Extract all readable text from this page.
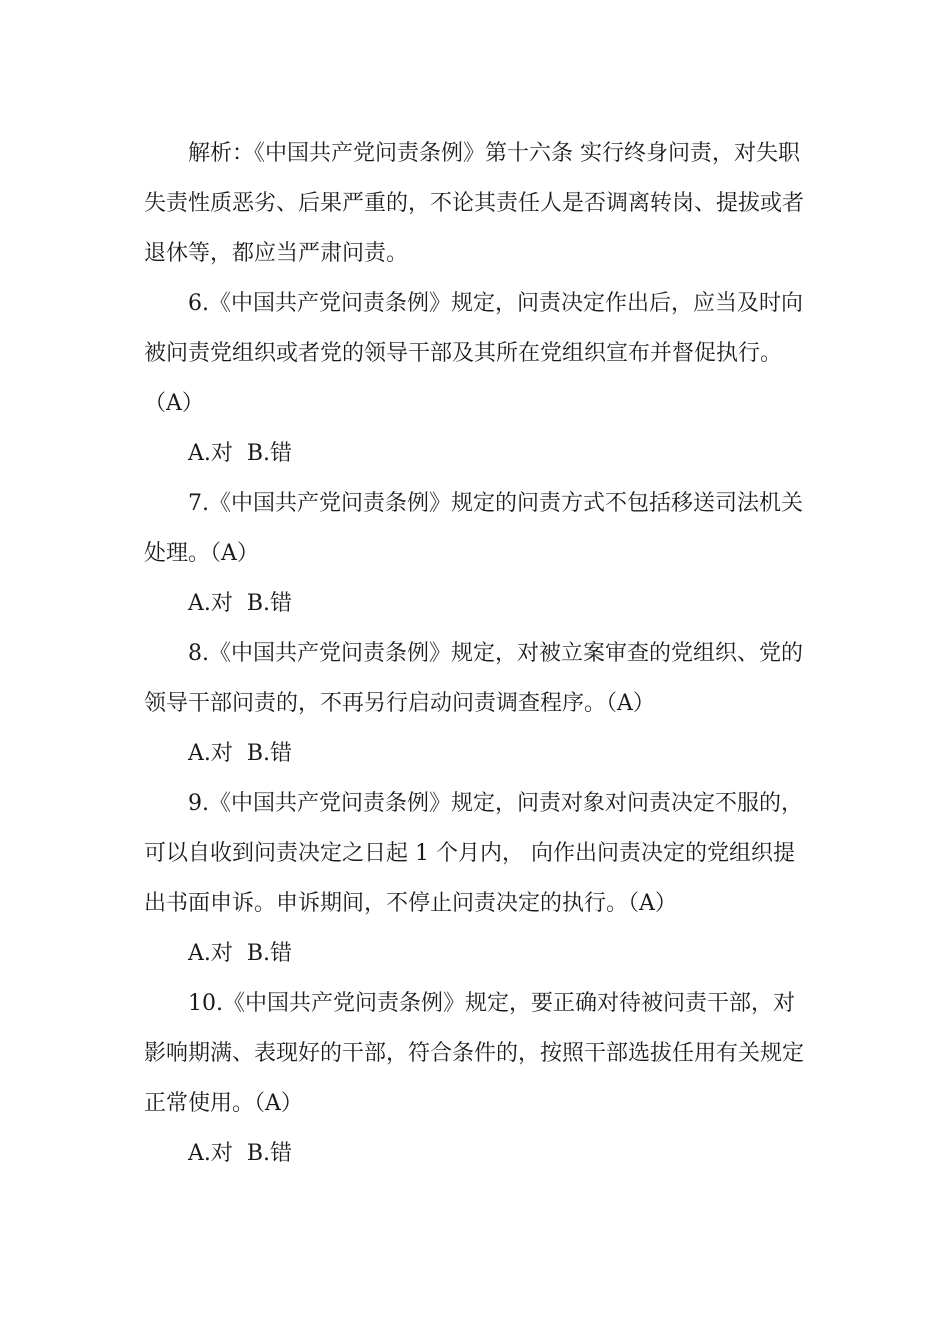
解析：《中国共产党问责条例》第十六条 实行终身问责，对失职失责性质恶劣、后果严重的，不论其责任人是否调离转岗、提拔或者退休等，都应当严肃问责。

6.《中国共产党问责条例》规定，问责决定作出后，应当及时向被问责党组织或者党的领导干部及其所在党组织宣布并督促执行。（A）

A.对  B.错

7.《中国共产党问责条例》规定的问责方式不包括移送司法机关处理。（A）

A.对  B.错

8.《中国共产党问责条例》规定，对被立案审查的党组织、党的领导干部问责的，不再另行启动问责调查程序。（A）

A.对  B.错

9.《中国共产党问责条例》规定，问责对象对问责决定不服的，可以自收到问责决定之日起 1 个月内， 向作出问责决定的党组织提出书面申诉。申诉期间，不停止问责决定的执行。（A）

A.对  B.错

10.《中国共产党问责条例》规定，要正确对待被问责干部，对影响期满、表现好的干部，符合条件的，按照干部选拔任用有关规定正常使用。（A）

A.对  B.错
